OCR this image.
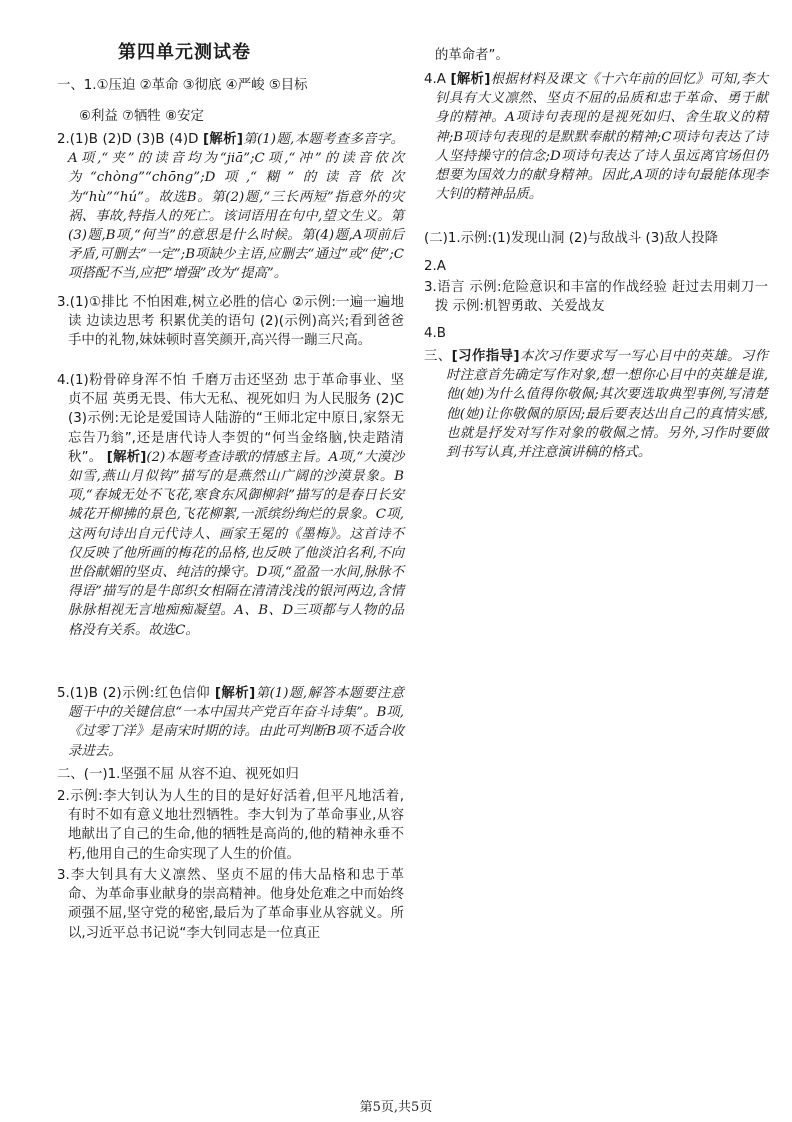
第四单元测试卷
一、1.①压迫 ②革命 ③彻底 ④严峻 ⑤目标
⑥利益 ⑦牺牲 ⑧安定
2.(1)B (2)D (3)B (4)D [ 解析 ] 第(1)题,本题考查多音字。A项,“夹”的读音均为“jiā”;C项,“冲”的读音依次为“chòng”“chōng”;D项,“糊”的读音依次为“hù”“hú”。故选B。第(2)题,“三长两短”指意外的灾祸、事故,特指人的死亡。该词语用在句中,望文生义。第(3)题,B项,“何当”的意思是什么时候。第(4)题,A项前后矛盾,可删去“一定”;B项缺少主语,应删去“通过”或“使”;C项搭配不当,应把“增强”改为“提高”。
3.(1)①排比 不怕困难,树立必胜的信心 ②示例:一遍一遍地读 边读边思考 积累优美的语句 (2)(示例)高兴;看到爸爸手中的礼物,妹妹顿时喜笑颜开,高兴得一蹦三尺高。
4.(1)粉骨碎身浑不怕 千磨万击还坚劲 忠于革命事业、坚贞不屈 英勇无畏、伟大无私、视死如归 为人民服务 (2)C (3)示例:无论是爱国诗人陆游的“王师北定中原日,家祭无忘告乃翁”,还是唐代诗人李贺的“何当金络脑,快走踏清秋”。 [ 解析 ] (2)本题考查诗歌的情感主旨。A项,“大漠沙如雪,燕山月似钩”描写的是燕然山广阔的沙漠景象。B项,“春城无处不飞花,寒食东风御柳斜”描写的是春日长安城花开柳拂的景色,飞花柳絮,一派缤纷绚烂的景象。C项,这两句诗出自元代诗人、画家王冕的《墨梅》。这首诗不仅反映了他所画的梅花的品格,也反映了他淡泊名利,不向世俗献媚的坚贞、纯洁的操守。D项,“盈盈一水间,脉脉不得语”描写的是牛郎织女相隔在清清浅浅的银河两边,含情脉脉相视无言地痴痴凝望。A、B、D三项都与人物的品格没有关系。故选C。
5.(1)B (2)示例:红色信仰 [ 解析 ] 第(1)题,解答本题要注意题干中的关键信息“一本中国共产党百年奋斗诗集”。B项,《过零丁洋》是南宋时期的诗。由此可判断B项不适合收录进去。
二、(一)1.坚强不屈 从容不迫、视死如归
2.示例:李大钊认为人生的目的是好好活着,但平凡地活着,有时不如有意义地壮烈牺牲。李大钊为了革命事业,从容地献出了自己的生命,他的牺牲是高尚的,他的精神永垂不朽,他用自己的生命实现了人生的价值。
3.李大钊具有大义凛然、坚贞不屈的伟大品格和忠于革命、为革命事业献身的崇高精神。他身处危难之中而始终顽强不屈,坚守党的秘密,最后为了革命事业从容就义。所以,习近平总书记说“李大钊同志是一位真正
的革命者”。
4.A [ 解析 ] 根据材料及课文《十六年前的回忆》可知,李大钊具有大义凛然、坚贞不屈的品质和忠于革命、勇于献身的精神。A项诗句表现的是视死如归、舍生取义的精神;B项诗句表现的是默默奉献的精神;C项诗句表达了诗人坚持操守的信念;D项诗句表达了诗人虽远离官场但仍想要为国效力的献身精神。因此,A项的诗句最能体现李大钊的精神品质。
(二)1.示例:(1)发现山洞 (2)与敌战斗 (3)敌人投降
2.A
3.语言 示例:危险意识和丰富的作战经验 赶过去用刺刀一拨 示例:机智勇敢、关爱战友
4.B
三、[ 习作指导 ] 本次习作要求写一写心目中的英雄。习作时注意首先确定写作对象,想一想你心目中的英雄是谁,他(她)为什么值得你敬佩;其次要选取典型事例,写清楚他(她)让你敬佩的原因;最后要表达出自己的真情实感,也就是抒发对写作对象的敬佩之情。另外,习作时要做到书写认真,并注意演讲稿的格式。
第5页,共5页
